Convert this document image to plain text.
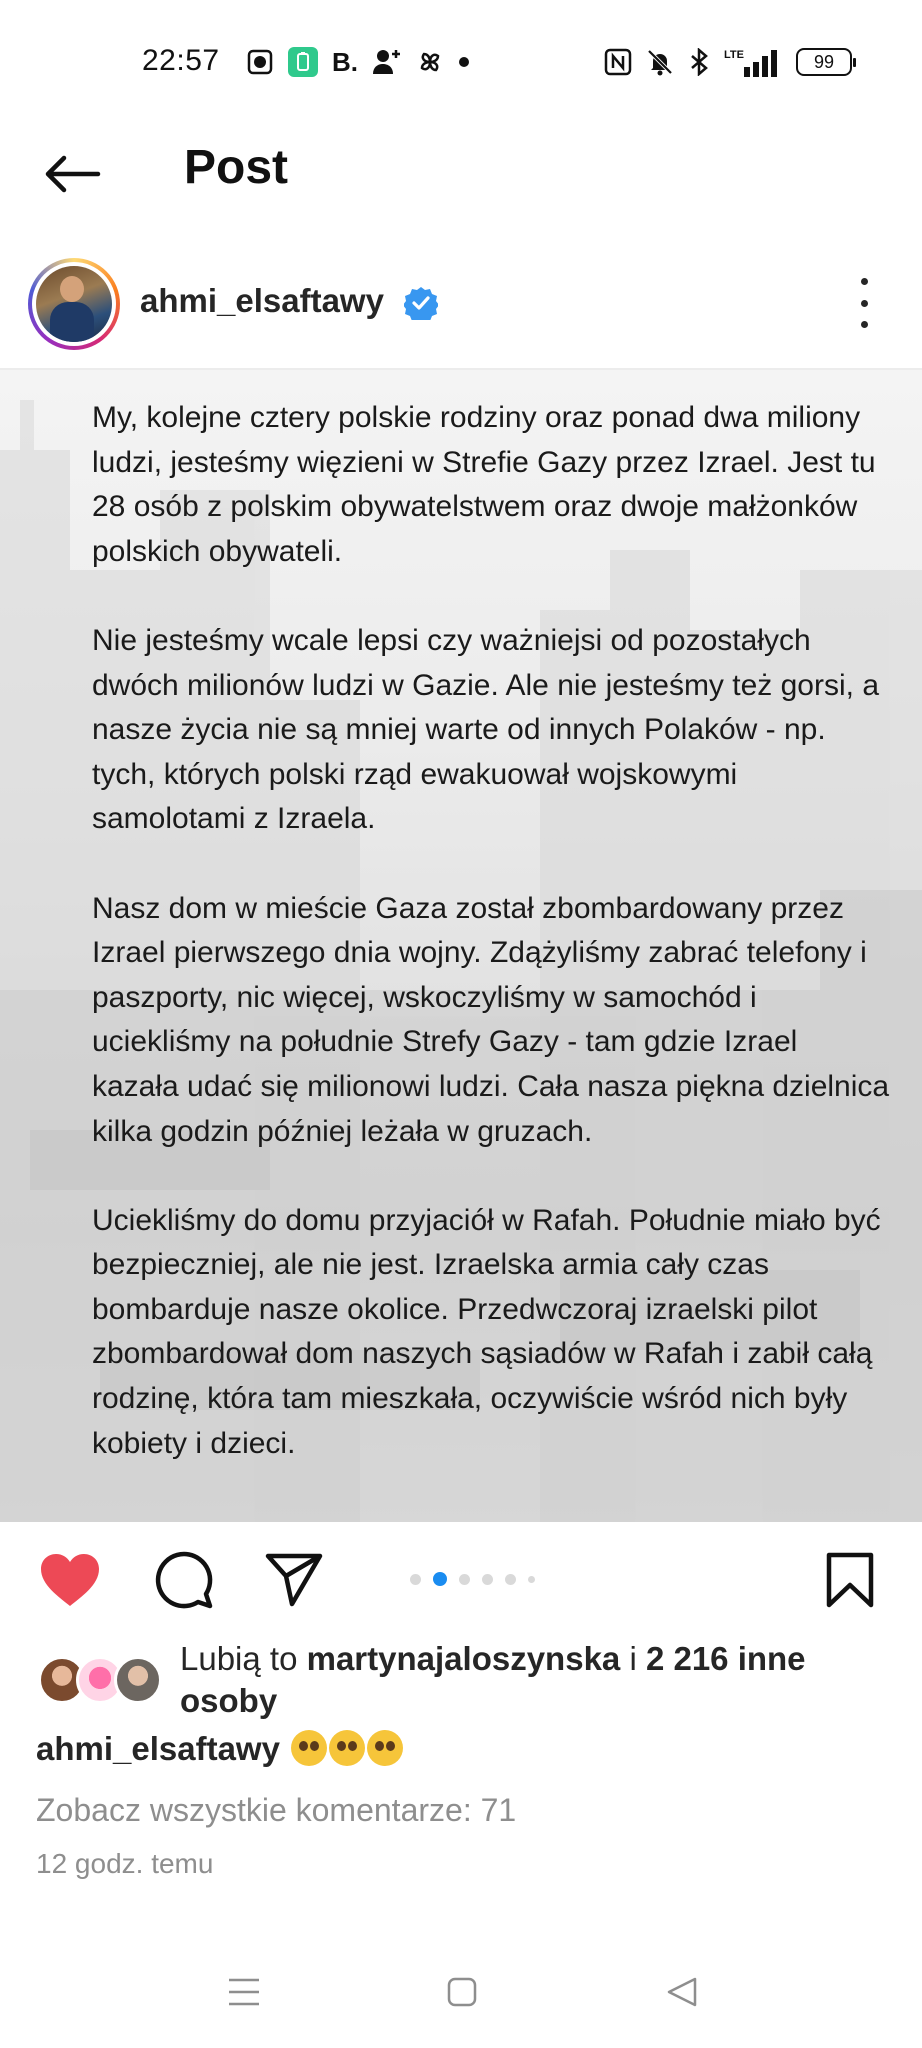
22:57	B.	LTE	99
Post
ahmi_elsaftawy

My, kolejne cztery polskie rodziny oraz ponad dwa miliony ludzi, jesteśmy więzieni w Strefie Gazy przez Izrael. Jest tu 28 osób z polskim obywatelstwem oraz dwoje małżonków polskich obywateli.

Nie jesteśmy wcale lepsi czy ważniejsi od pozostałych dwóch milionów ludzi w Gazie. Ale nie jesteśmy też gorsi, a nasze życia nie są mniej warte od innych Polaków - np. tych, których polski rząd ewakuował wojskowymi samolotami z Izraela.

Nasz dom w mieście Gaza został zbombardowany przez Izrael pierwszego dnia wojny. Zdążyliśmy zabrać telefony i paszporty, nic więcej, wskoczyliśmy w samochód i uciekliśmy na południe Strefy Gazy - tam gdzie Izrael kazała udać się milionowi ludzi. Cała nasza piękna dzielnica kilka godzin później leżała w gruzach.

Uciekliśmy do domu przyjaciół w Rafah. Południe miało być bezpieczniej, ale nie jest. Izraelska armia cały czas bombarduje nasze okolice. Przedwczoraj izraelski pilot zbombardował dom naszych sąsiadów w Rafah i zabił całą rodzinę, która tam mieszkała, oczywiście wśród nich były kobiety i dzieci.

Lubią to martynajaloszynska i 2 216 inne osoby
ahmi_elsaftawy
Zobacz wszystkie komentarze: 71
12 godz. temu
